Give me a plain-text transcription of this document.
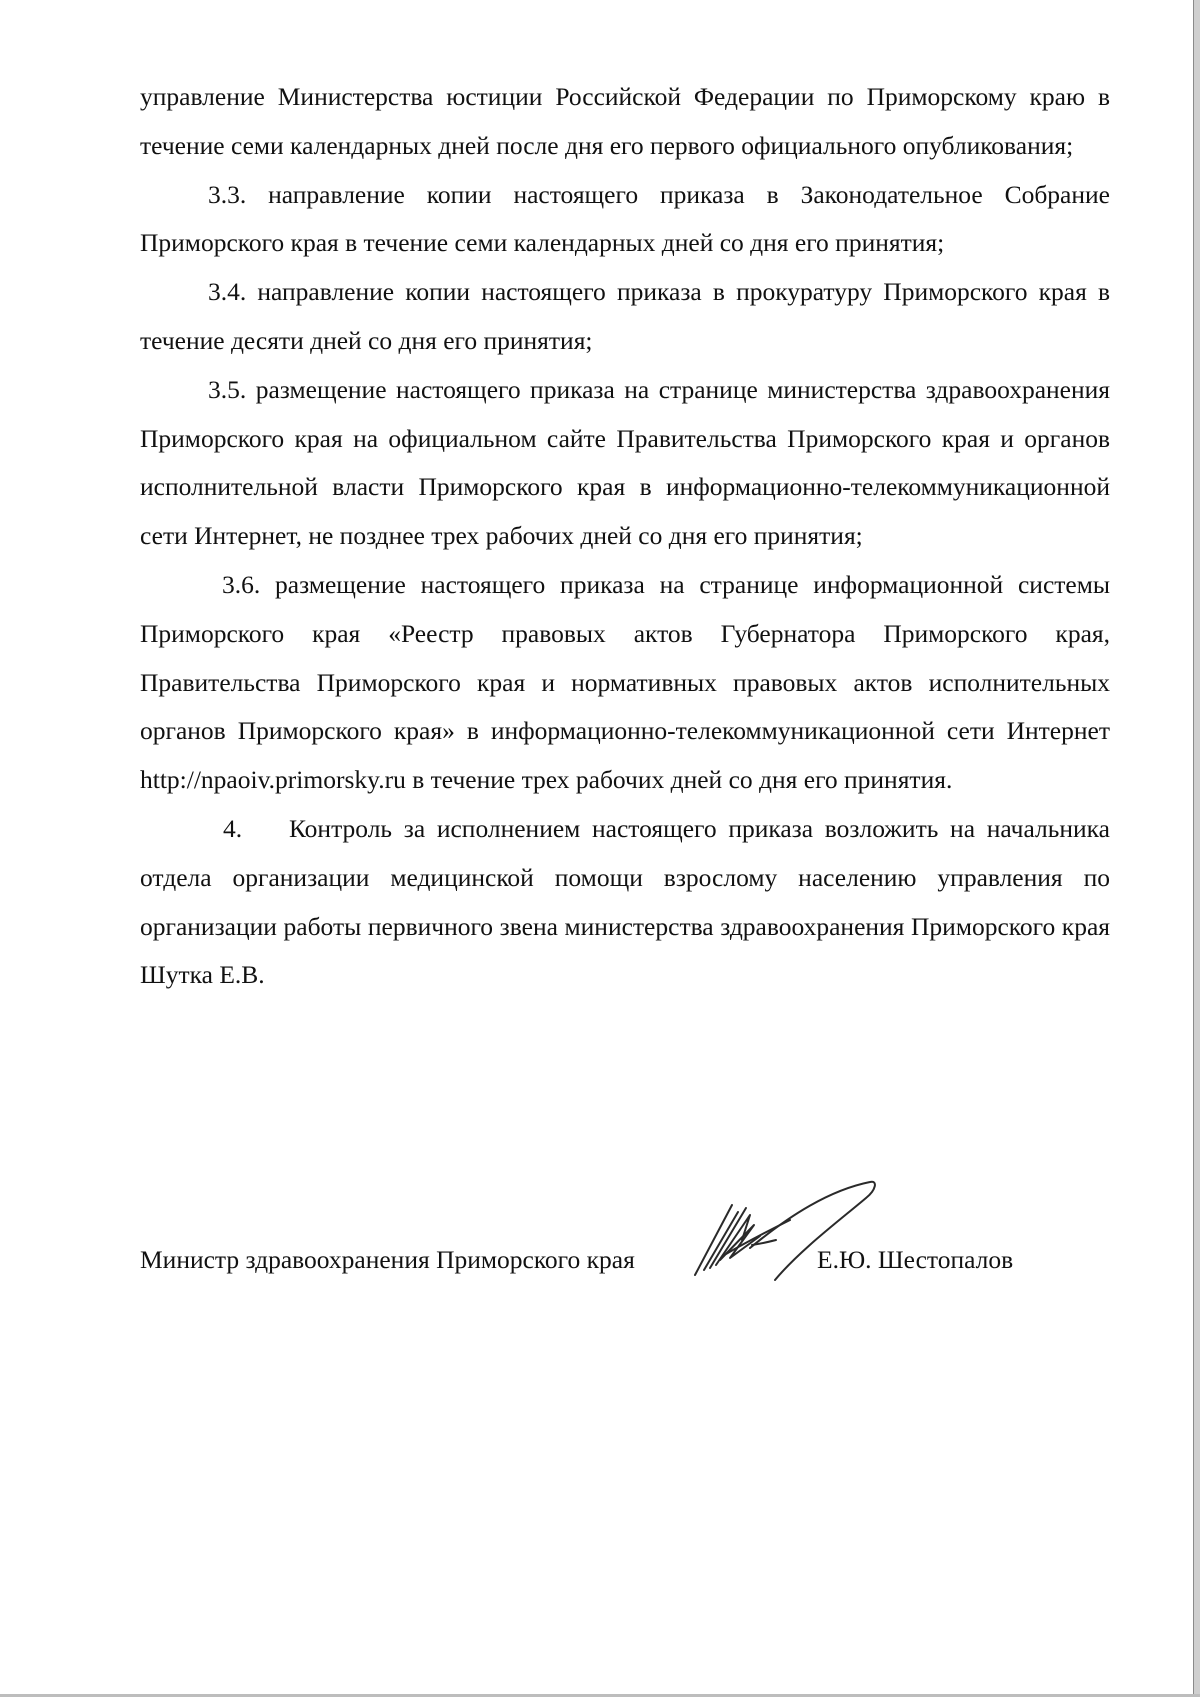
управление Министерства юстиции Российской Федерации по Приморскому краю в течение семи календарных дней после дня его первого официального опубликования;

3.3. направление копии настоящего приказа в Законодательное Собрание Приморского края в течение семи календарных дней со дня его принятия;

3.4. направление копии настоящего приказа в прокуратуру Приморского края в течение десяти дней со дня его принятия;

3.5. размещение настоящего приказа на странице министерства здравоохранения Приморского края на официальном сайте Правительства Приморского края и органов исполнительной власти Приморского края в информационно-телекоммуникационной сети Интернет, не позднее трех рабочих дней со дня его принятия;

3.6. размещение настоящего приказа на странице информационной системы Приморского края «Реестр правовых актов Губернатора Приморского края, Правительства Приморского края и нормативных правовых актов исполнительных органов Приморского края» в информационно-телекоммуникационной сети Интернет http://npaoiv.primorsky.ru в течение трех рабочих дней со дня его принятия.

4.    Контроль за исполнением настоящего приказа возложить на начальника отдела организации медицинской помощи взрослому населению управления по организации работы первичного звена министерства здравоохранения Приморского края Шутка Е.В.

Министр здравоохранения Приморского края	Е.Ю. Шестопалов
